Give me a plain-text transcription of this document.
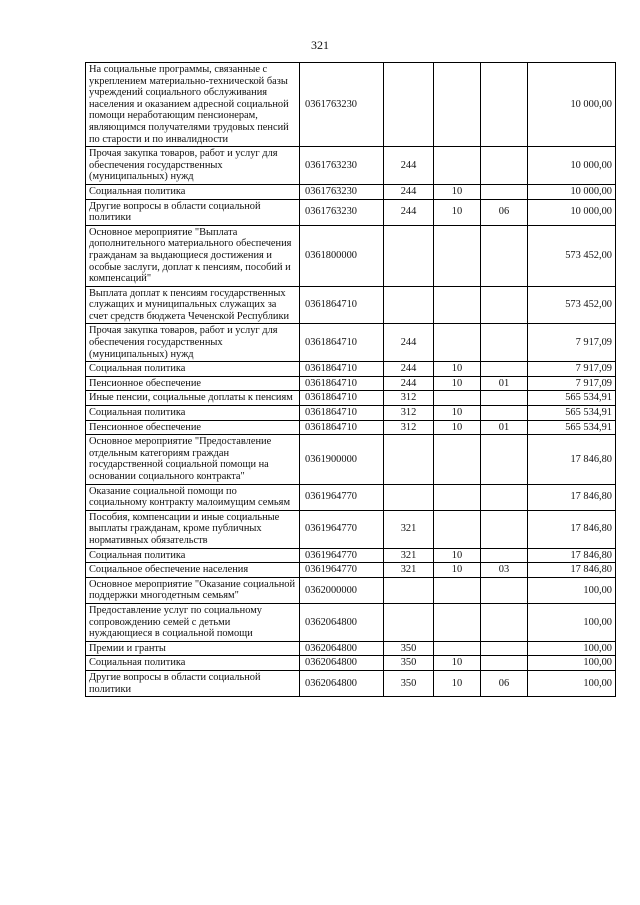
321
На социальные программы, связанные с укреплением материально-технической базы учреждений социального обслуживания населения и оказанием адресной социальной помощи неработающим пенсионерам, являющимся получателями трудовых пенсий по старости и по инвалидности	0361763230				10 000,00
Прочая закупка товаров, работ и услуг для обеспечения государственных (муниципальных) нужд	0361763230	244			10 000,00
Социальная политика	0361763230	244	10		10 000,00
Другие вопросы в области социальной политики	0361763230	244	10	06	10 000,00
Основное мероприятие "Выплата дополнительного материального обеспечения гражданам за выдающиеся достижения и особые заслуги, доплат к пенсиям, пособий и компенсаций"	0361800000				573 452,00
Выплата доплат к пенсиям государственных служащих и муниципальных служащих за счет средств бюджета Чеченской Республики	0361864710				573 452,00
Прочая закупка товаров, работ и услуг для обеспечения государственных (муниципальных) нужд	0361864710	244			7 917,09
Социальная политика	0361864710	244	10		7 917,09
Пенсионное обеспечение	0361864710	244	10	01	7 917,09
Иные пенсии, социальные доплаты к пенсиям	0361864710	312			565 534,91
Социальная политика	0361864710	312	10		565 534,91
Пенсионное обеспечение	0361864710	312	10	01	565 534,91
Основное мероприятие "Предоставление отдельным категориям граждан государственной социальной помощи на основании социального контракта"	0361900000				17 846,80
Оказание социальной помощи по социальному контракту малоимущим семьям	0361964770				17 846,80
Пособия, компенсации и иные социальные выплаты гражданам, кроме публичных нормативных обязательств	0361964770	321			17 846,80
Социальная политика	0361964770	321	10		17 846,80
Социальное обеспечение населения	0361964770	321	10	03	17 846,80
Основное мероприятие "Оказание социальной поддержки многодетным семьям"	0362000000				100,00
Предоставление услуг по социальному сопровождению семей с детьми нуждающиеся в социальной помощи	0362064800				100,00
Премии и гранты	0362064800	350			100,00
Социальная политика	0362064800	350	10		100,00
Другие вопросы в области социальной политики	0362064800	350	10	06	100,00
